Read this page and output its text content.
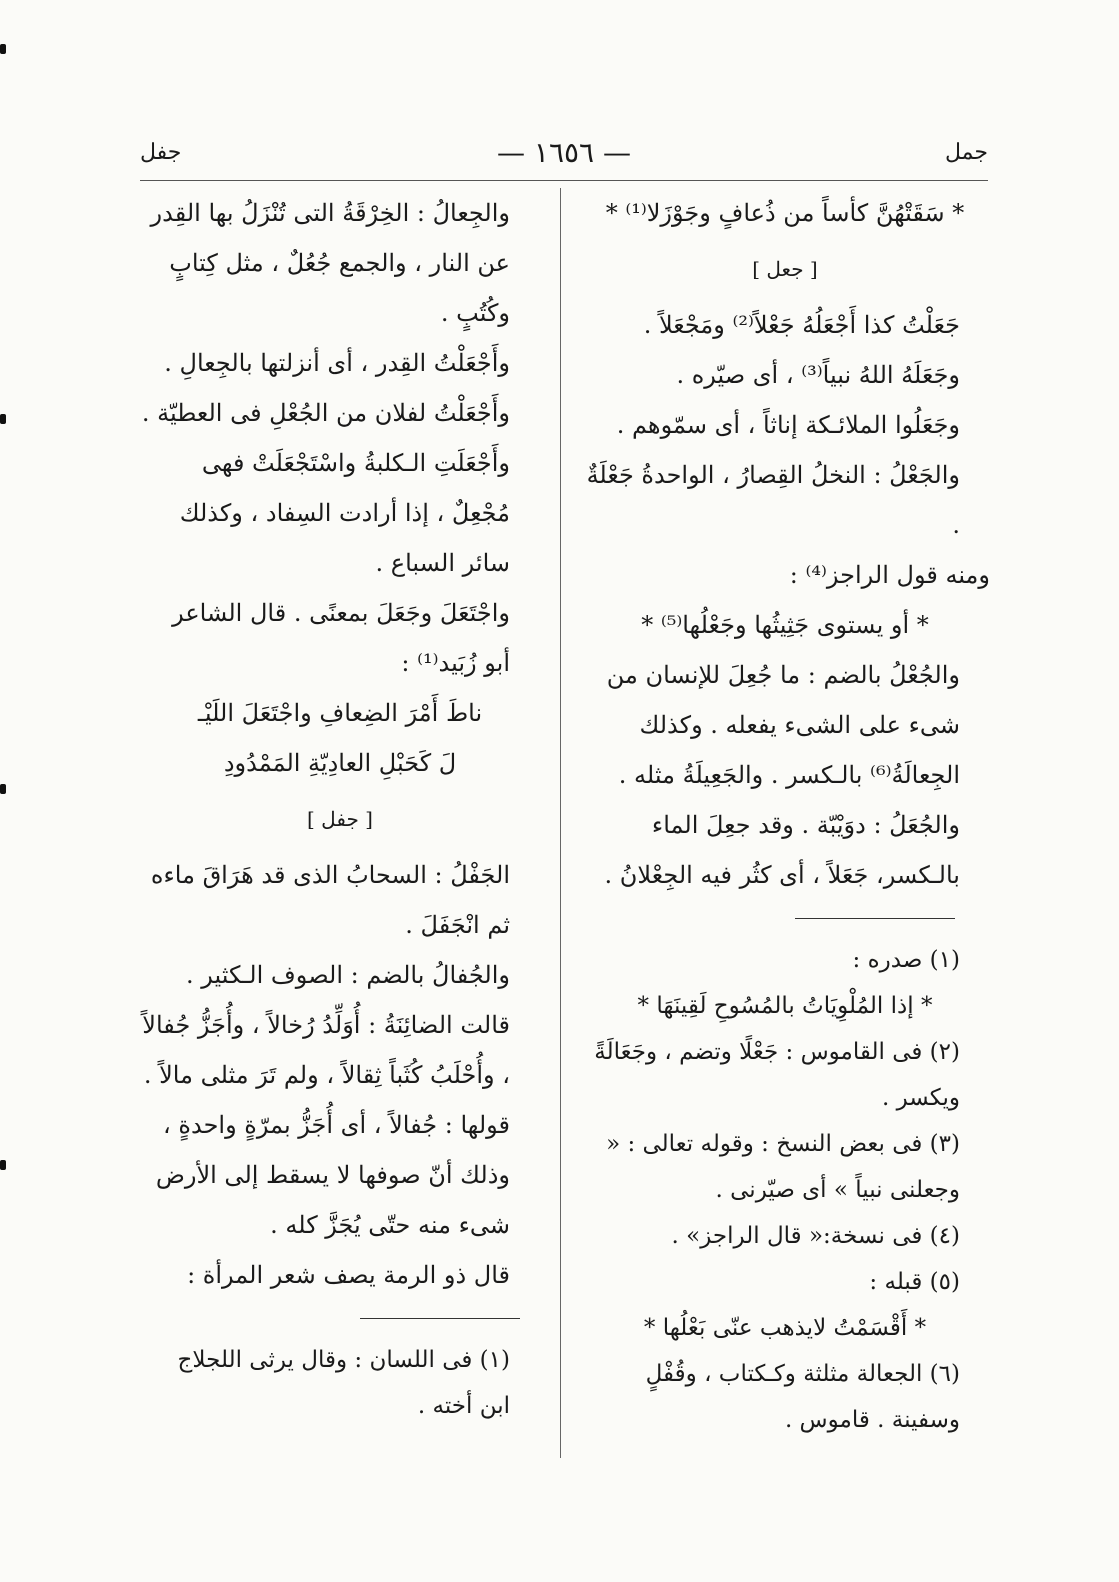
جمل
— ١٦٥٦ —
جفل

* سَقَتْهُنَّ كأساً من ذُعافٍ وجَوْزَلا⁽¹⁾ *

[ جعل ]

جَعَلْتُ كذا أَجْعَلُهُ جَعْلاً⁽²⁾ ومَجْعَلاً .

وجَعَلَهُ اللهُ نبياً⁽³⁾ ، أى صيّره .

وجَعَلُوا الملائـكة إناثاً ، أى سمّوهم .

والجَعْلُ : النخلُ القِصارُ ، الواحدةُ جَعْلَةٌ .

ومنه قول الراجز⁽⁴⁾ :

* أو يستوى جَثِيثُها وجَعْلُها⁽⁵⁾ *

والجُعْلُ بالضم : ما جُعِلَ للإنسان من شىء على الشىء يفعله . وكذلك الجِعالَةُ⁽⁶⁾ بالـكسر . والجَعِيلَةُ مثله .

والجُعَلُ : دوَيْبّة . وقد جعِلَ الماء بالـكسر، جَعَلاً ، أى كثُر فيه الجِعْلانُ .

(١) صدره :

* إذا المُلْوِيَاتُ بالمُسُوحِ لَقِينَهَا *

(٢) فى القاموس : جَعْلًا وتضم ، وجَعَالَةً ويكسر .

(٣) فى بعض النسخ : وقوله تعالى : « وجعلنى نبياً » أى صيّرنى .

(٤) فى نسخة:« قال الراجز» .

(٥) قبله :

* أَقْسَمْتُ لايذهب عنّى بَعْلُها *

(٦) الجعالة مثلثة وكـكتاب ، وقُفْلٍ وسفينة . قاموس .

والجِعالُ : الخِرْقَةُ التى تُنْزَلُ بها القِدر عن النار ، والجمع جُعُلٌ ، مثل كِتابٍ وكُتُبٍ .

وأَجْعَلْتُ القِدر ، أى أنزلتها بالجِعالِ .

وأَجْعَلْتُ لفلان من الجُعْلِ فى العطيّة .

وأَجْعَلَتِ الـكلبةُ واسْتَجْعَلَتْ فهى مُجْعِلٌ ، إذا أرادت السِفاد ، وكذلك سائر السباع .

واجْتَعَلَ وجَعَلَ بمعنًى . قال الشاعر أبو زُبَيد⁽¹⁾ :

ناطَ أَمْرَ الضِعافِ واجْتَعَلَ اللَيْـ

لَ كَحَبْلِ العادِيّةِ المَمْدُودِ

[ جفل ]

الجَفْلُ : السحابُ الذى قد هَرَاقَ ماءه ثم انْجَفَلَ .

والجُفالُ بالضم : الصوف الـكثير . قالت الضائِنَةُ : أُوَلِّدُ رُخالاً ، وأُجَزُّ جُفالاً ، وأُحْلَبُ كُثَباً ثِقالاً ، ولم تَرَ مثلى مالاً .

قولها : جُفالاً ، أى أُجَزُّ بمرّةٍ واحدةٍ ، وذلك أنّ صوفها لا يسقط إلى الأرض شىء منه حتّى يُجَزَّ كله .

قال ذو الرمة يصف شعر المرأة :

(١) فى اللسان : وقال يرثى اللجلاج ابن أخته .
